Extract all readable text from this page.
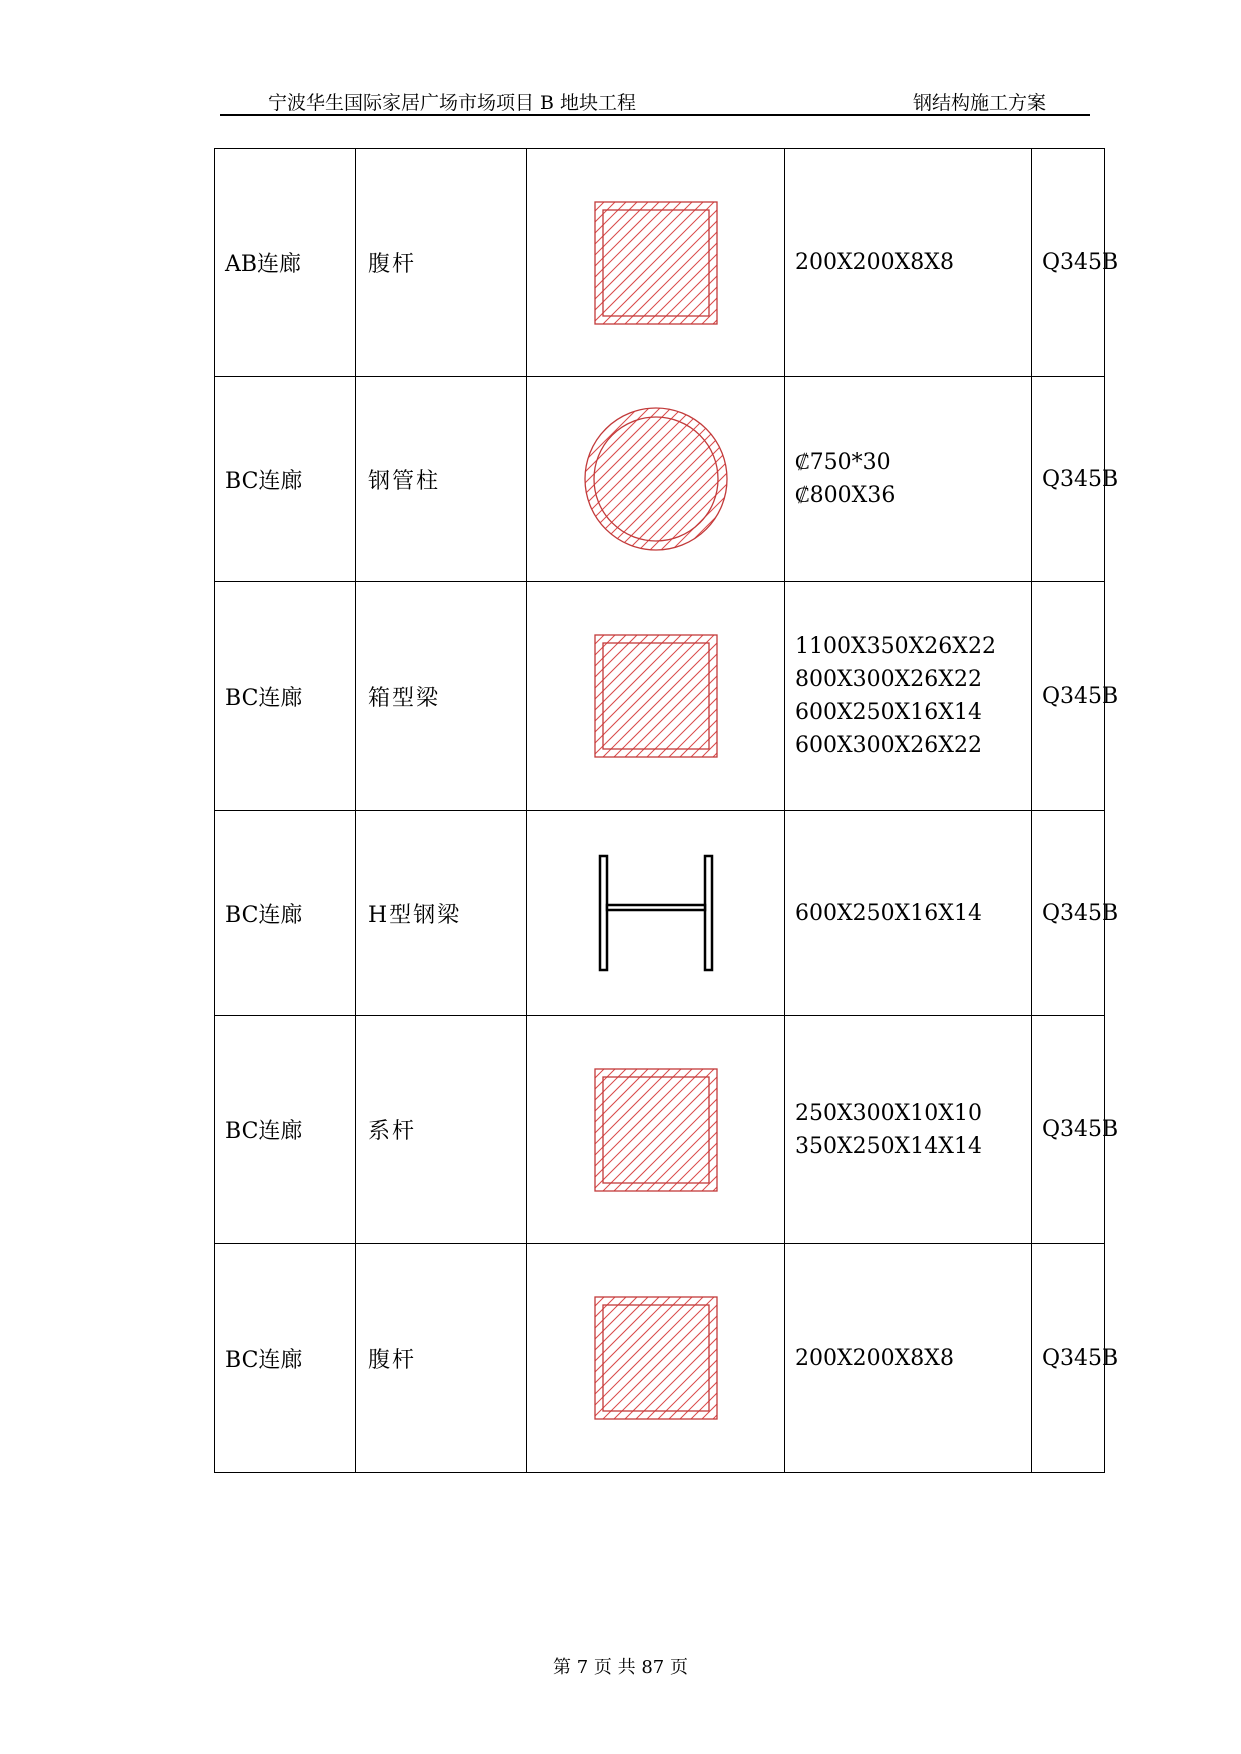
宁波华生国际家居广场市场项目 B 地块工程	钢结构施工方案
AB连廊	腹杆		200X200X8X8	Q345B
BC连廊	钢管柱		₡750*30
₡800X36	Q345B
BC连廊	箱型梁		1100X350X26X22
800X300X26X22
600X250X16X14
600X300X26X22	Q345B
BC连廊	H型钢梁		600X250X16X14	Q345B
BC连廊	系杆		250X300X10X10
350X250X14X14	Q345B
BC连廊	腹杆		200X200X8X8	Q345B
第 7 页 共 87 页
